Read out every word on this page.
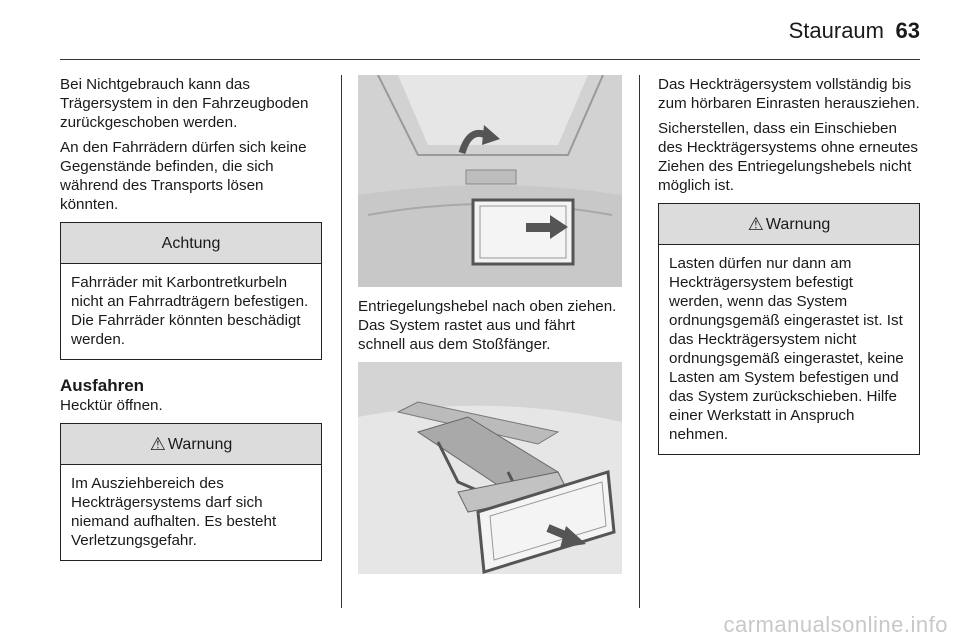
Stauraum 63

Bei Nichtgebrauch kann das Trägersystem in den Fahrzeugboden zurückgeschoben werden.

An den Fahrrädern dürfen sich keine Gegenstände befinden, die sich während des Transports lösen könnten.

Achtung

Fahrräder mit Karbontretkurbeln nicht an Fahrradträgern befestigen. Die Fahrräder könnten beschädigt werden.

Ausfahren

Hecktür öffnen.

⚠ Warnung

Im Ausziehbereich des Heckträgersystems darf sich niemand aufhalten. Es besteht Verletzungsgefahr.

Entriegelungshebel nach oben ziehen. Das System rastet aus und fährt schnell aus dem Stoßfänger.

Das Heckträgersystem vollständig bis zum hörbaren Einrasten herausziehen.

Sicherstellen, dass ein Einschieben des Heckträgersystems ohne erneutes Ziehen des Entriegelungshebels nicht möglich ist.

⚠ Warnung

Lasten dürfen nur dann am Heckträgersystem befestigt werden, wenn das System ordnungsgemäß eingerastet ist. Ist das Heckträgersystem nicht ordnungsgemäß eingerastet, keine Lasten am System befestigen und das System zurückschieben. Hilfe einer Werkstatt in Anspruch nehmen.

carmanualsonline.info
